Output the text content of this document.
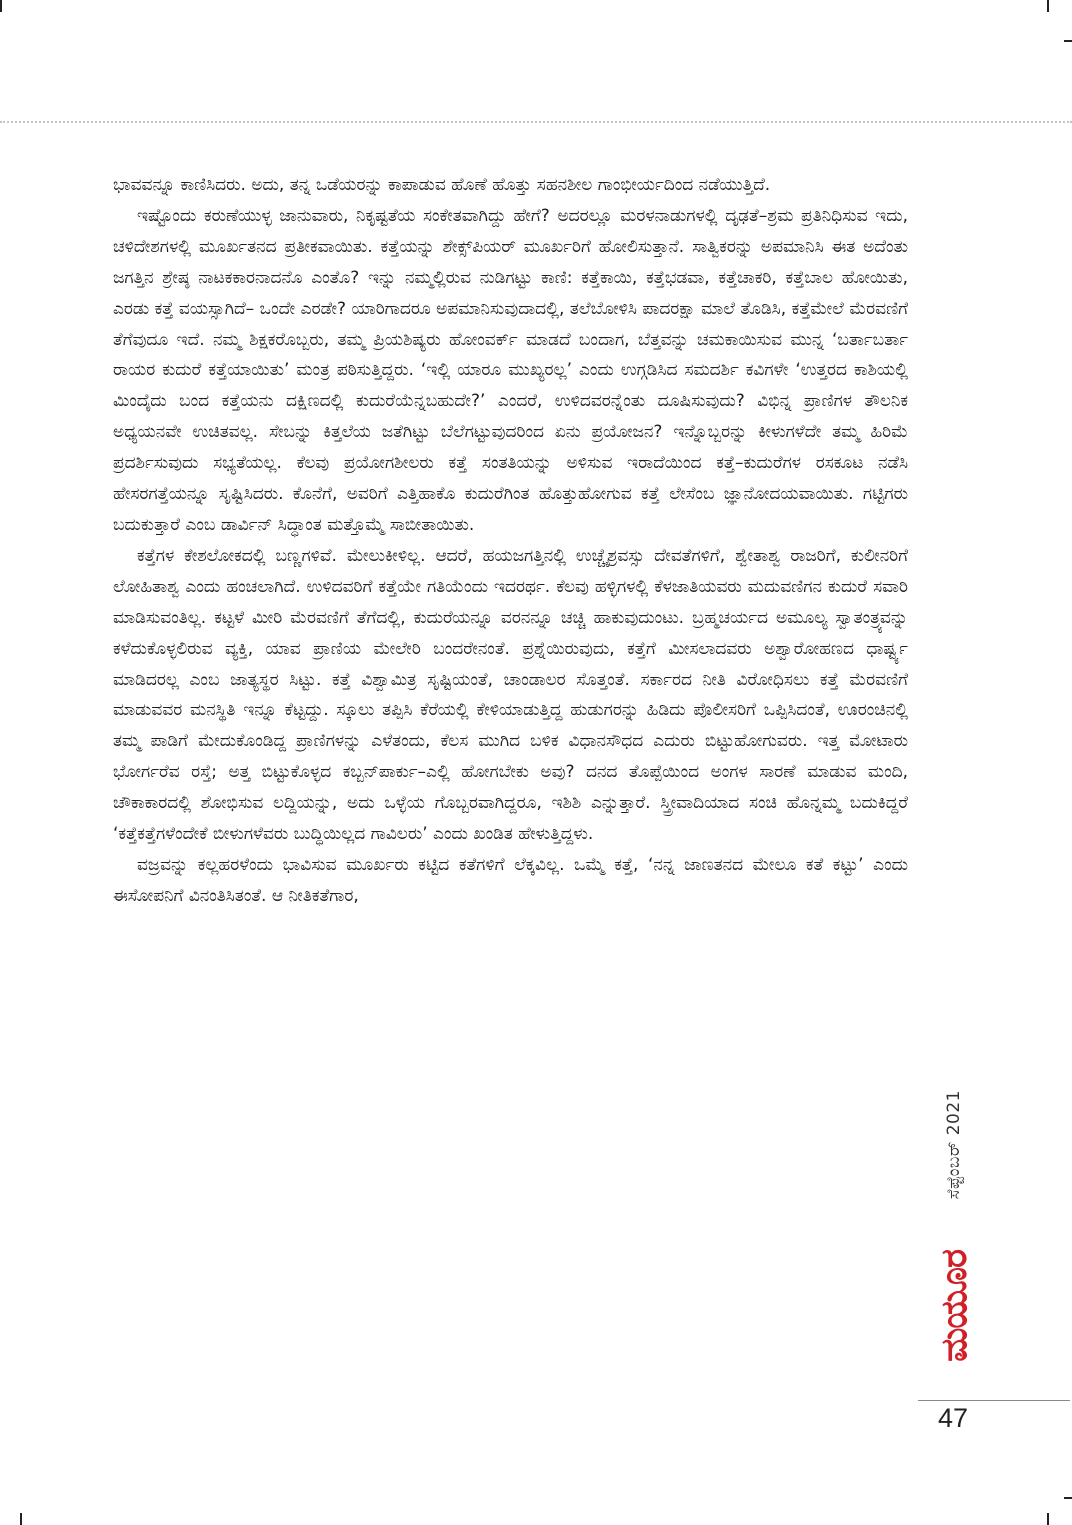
ಭಾವವನ್ನೂ ಕಾಣಿಸಿದರು. ಅದು, ತನ್ನ ಒಡೆಯರನ್ನು ಕಾಪಾಡುವ ಹೊಣೆ ಹೊತ್ತು ಸಹನಶೀಲ ಗಾಂಭೀರ್ಯದಿಂದ ನಡೆಯುತ್ತಿದೆ.

ಇಷ್ಟೊಂದು ಕರುಣೆಯುಳ್ಳ ಜಾನುವಾರು, ನಿಕೃಷ್ಟತೆಯ ಸಂಕೇತವಾಗಿದ್ದು ಹೇಗೆ? ಅದರಲ್ಲೂ ಮರಳನಾಡುಗಳಲ್ಲಿ ದೃಢತೆ–ಶ್ರಮ ಪ್ರತಿನಿಧಿಸುವ ಇದು, ಚಳಿದೇಶಗಳಲ್ಲಿ ಮೂರ್ಖತನದ ಪ್ರತೀಕವಾಯಿತು. ಕತ್ತೆಯನ್ನು ಶೇಕ್ಸ್‌ಪಿಯರ್ ಮೂರ್ಖರಿಗೆ ಹೋಲಿಸುತ್ತಾನೆ. ಸಾತ್ವಿಕರನ್ನು ಅಪಮಾನಿಸಿ ಈತ ಅದೆಂತು ಜಗತ್ತಿನ ಶ್ರೇಷ್ಠ ನಾಟಕಕಾರನಾದನೊ ಎಂತೊ? ಇನ್ನು ನಮ್ಮಲ್ಲಿರುವ ನುಡಿಗಟ್ಟು ಕಾಣಿ: ಕತ್ತೆಕಾಯಿ, ಕತ್ತೆಭಡವಾ, ಕತ್ತೆಚಾಕರಿ, ಕತ್ತೆಬಾಲ ಹೋಯಿತು, ಎರಡು ಕತ್ತೆ ವಯಸ್ಸಾಗಿದೆ– ಒಂದೇ ಎರಡೇ? ಯಾರಿಗಾದರೂ ಅಪಮಾನಿಸುವುದಾದಲ್ಲಿ, ತಲೆಬೋಳಿಸಿ ಪಾದರಕ್ಷಾ ಮಾಲೆ ತೊಡಿಸಿ, ಕತ್ತೆಮೇಲೆ ಮೆರವಣಿಗೆ ತೆಗೆವುದೂ ಇದೆ. ನಮ್ಮ ಶಿಕ್ಷಕರೊಬ್ಬರು, ತಮ್ಮ ಪ್ರಿಯಶಿಷ್ಯರು ಹೋಂವರ್ಕ್ ಮಾಡದೆ ಬಂದಾಗ, ಬೆತ್ತವನ್ನು ಚಮಕಾಯಿಸುವ ಮುನ್ನ ‘ಬರ್ತಾಬರ್ತಾ ರಾಯರ ಕುದುರೆ ಕತ್ತೆಯಾಯಿತು’ ಮಂತ್ರ ಪಠಿಸುತ್ತಿದ್ದರು. ‘ಇಲ್ಲಿ ಯಾರೂ ಮುಖ್ಯರಲ್ಲ’ ಎಂದು ಉಗ್ಗಡಿಸಿದ ಸಮದರ್ಶಿ ಕವಿಗಳೇ ‘ಉತ್ತರದ ಕಾಶಿಯಲ್ಲಿ ಮಿಂದೈದು ಬಂದ ಕತ್ತೆಯನು ದಕ್ಷಿಣದಲ್ಲಿ ಕುದುರೆಯೆನ್ನಬಹುದೇ?’ ಎಂದರೆ, ಉಳಿದವರನ್ನೆಂತು ದೂಷಿಸುವುದು? ವಿಭಿನ್ನ ಪ್ರಾಣಿಗಳ ತೌಲನಿಕ ಅಧ್ಯಯನವೇ ಉಚಿತವಲ್ಲ. ಸೇಬನ್ನು ಕಿತ್ತಲೆಯ ಜತೆಗಿಟ್ಟು ಬೆಲೆಗಟ್ಟುವುದರಿಂದ ಏನು ಪ್ರಯೋಜನ? ಇನ್ನೊಬ್ಬರನ್ನು ಕೀಳುಗಳೆದೇ ತಮ್ಮ ಹಿರಿಮೆ ಪ್ರದರ್ಶಿಸುವುದು ಸಭ್ಯತೆಯಲ್ಲ. ಕೆಲವು ಪ್ರಯೋಗಶೀಲರು ಕತ್ತೆ ಸಂತತಿಯನ್ನು ಅಳಿಸುವ ಇರಾದೆಯಿಂದ ಕತ್ತೆ–ಕುದುರೆಗಳ ರಸಕೂಟ ನಡೆಸಿ ಹೇಸರಗತ್ತೆಯನ್ನೂ ಸೃಷ್ಟಿಸಿದರು. ಕೊನೆಗೆ, ಅವರಿಗೆ ಎತ್ತಿಹಾಕೊ ಕುದುರೆಗಿಂತ ಹೊತ್ತುಹೋಗುವ ಕತ್ತೆ ಲೇಸೆಂಬ ಜ್ಞಾನೋದಯವಾಯಿತು. ಗಟ್ಟಿಗರು ಬದುಕುತ್ತಾರೆ ಎಂಬ ಡಾರ್ವಿನ್ ಸಿದ್ಧಾಂತ ಮತ್ತೊಮ್ಮೆ ಸಾಬೀತಾಯಿತು.

ಕತ್ತೆಗಳ ಕೇಶಲೋಕದಲ್ಲಿ ಬಣ್ಣಗಳಿವೆ. ಮೇಲುಕೀಳಿಲ್ಲ. ಆದರೆ, ಹಯಜಗತ್ತಿನಲ್ಲಿ ಉಚ್ಚೈಶ್ರವಸ್ಸು ದೇವತೆಗಳಿಗೆ, ಶ್ವೇತಾಶ್ವ ರಾಜರಿಗೆ, ಕುಲೀನರಿಗೆ ಲೋಹಿತಾಶ್ವ ಎಂದು ಹಂಚಲಾಗಿದೆ. ಉಳಿದವರಿಗೆ ಕತ್ತೆಯೇ ಗತಿಯೆಂದು ಇದರರ್ಥ. ಕೆಲವು ಹಳ್ಳಿಗಳಲ್ಲಿ ಕೆಳಜಾತಿಯವರು ಮದುವಣಿಗನ ಕುದುರೆ ಸವಾರಿ ಮಾಡಿಸುವಂತಿಲ್ಲ. ಕಟ್ಟಳೆ ಮೀರಿ ಮೆರವಣಿಗೆ ತೆಗೆದಲ್ಲಿ, ಕುದುರೆಯನ್ನೂ ವರನನ್ನೂ ಚಚ್ಚಿ ಹಾಕುವುದುಂಟು. ಬ್ರಹ್ಮಚರ್ಯದ ಅಮೂಲ್ಯ ಸ್ವಾತಂತ್ರ್ಯವನ್ನು ಕಳೆದುಕೊಳ್ಳಲಿರುವ ವ್ಯಕ್ತಿ, ಯಾವ ಪ್ರಾಣಿಯ ಮೇಲೇರಿ ಬಂದರೇನಂತೆ. ಪ್ರಶ್ನೆಯಿರುವುದು, ಕತ್ತೆಗೆ ಮೀಸಲಾದವರು ಅಶ್ವಾರೋಹಣದ ಧಾರ್ಷ್ಟ್ಯ ಮಾಡಿದರಲ್ಲ ಎಂಬ ಜಾತ್ಯಸ್ಥರ ಸಿಟ್ಟು. ಕತ್ತೆ ವಿಶ್ವಾಮಿತ್ರ ಸೃಷ್ಟಿಯಂತೆ, ಚಾಂಡಾಲರ ಸೊತ್ತಂತೆ. ಸರ್ಕಾರದ ನೀತಿ ವಿರೋಧಿಸಲು ಕತ್ತೆ ಮೆರವಣಿಗೆ ಮಾಡುವವರ ಮನಸ್ಥಿತಿ ಇನ್ನೂ ಕೆಟ್ಟದ್ದು. ಸ್ಕೂಲು ತಪ್ಪಿಸಿ ಕೆರೆಯಲ್ಲಿ ಕೇಳಿಯಾಡುತ್ತಿದ್ದ ಹುಡುಗರನ್ನು ಹಿಡಿದು ಪೊಲೀಸರಿಗೆ ಒಪ್ಪಿಸಿದಂತೆ, ಊರಂಚಿನಲ್ಲಿ ತಮ್ಮ ಪಾಡಿಗೆ ಮೇದುಕೊಂಡಿದ್ದ ಪ್ರಾಣಿಗಳನ್ನು ಎಳೆತಂದು, ಕೆಲಸ ಮುಗಿದ ಬಳಿಕ ವಿಧಾನಸೌಧದ ಎದುರು ಬಿಟ್ಟುಹೋಗುವರು. ಇತ್ತ ಮೋಟಾರು ಭೋರ್ಗರೆವ ರಸ್ತೆ; ಅತ್ತ ಬಿಟ್ಟುಕೊಳ್ಳದ ಕಬ್ಬನ್‌ಪಾರ್ಕು–ಎಲ್ಲಿ ಹೋಗಬೇಕು ಅವು? ದನದ ತೊಪ್ಪೆಯಿಂದ ಅಂಗಳ ಸಾರಣೆ ಮಾಡುವ ಮಂದಿ, ಚೌಕಾಕಾರದಲ್ಲಿ ಶೋಭಿಸುವ ಲದ್ದಿಯನ್ನು, ಅದು ಒಳ್ಳೆಯ ಗೊಬ್ಬರವಾಗಿದ್ದರೂ, ಇಶಿಶಿ ಎನ್ನುತ್ತಾರೆ. ಸ್ತ್ರೀವಾದಿಯಾದ ಸಂಚಿ ಹೊನ್ನಮ್ಮ ಬದುಕಿದ್ದರೆ ‘ಕತ್ತೆಕತ್ತೆಗಳೆಂದೇಕೆ ಬೀಳುಗಳೆವರು ಬುದ್ಧಿಯಿಲ್ಲದ ಗಾವಿಲರು’ ಎಂದು ಖಂಡಿತ ಹೇಳುತ್ತಿದ್ದಳು.

ವಜ್ರವನ್ನು ಕಲ್ಲಹರಳೆಂದು ಭಾವಿಸುವ ಮೂರ್ಖರು ಕಟ್ಟಿದ ಕತೆಗಳಿಗೆ ಲೆಕ್ಕವಿಲ್ಲ. ಒಮ್ಮೆ ಕತ್ತೆ, ‘ನನ್ನ ಜಾಣತನದ ಮೇಲೂ ಕತೆ ಕಟ್ಟು’ ಎಂದು ಈಸೋಪನಿಗೆ ವಿನಂತಿಸಿತಂತೆ. ಆ ನೀತಿಕತೆಗಾರ,

ಸೆಪ್ಟೆಂಬರ್ 2021
ಮಯೂರ
47
